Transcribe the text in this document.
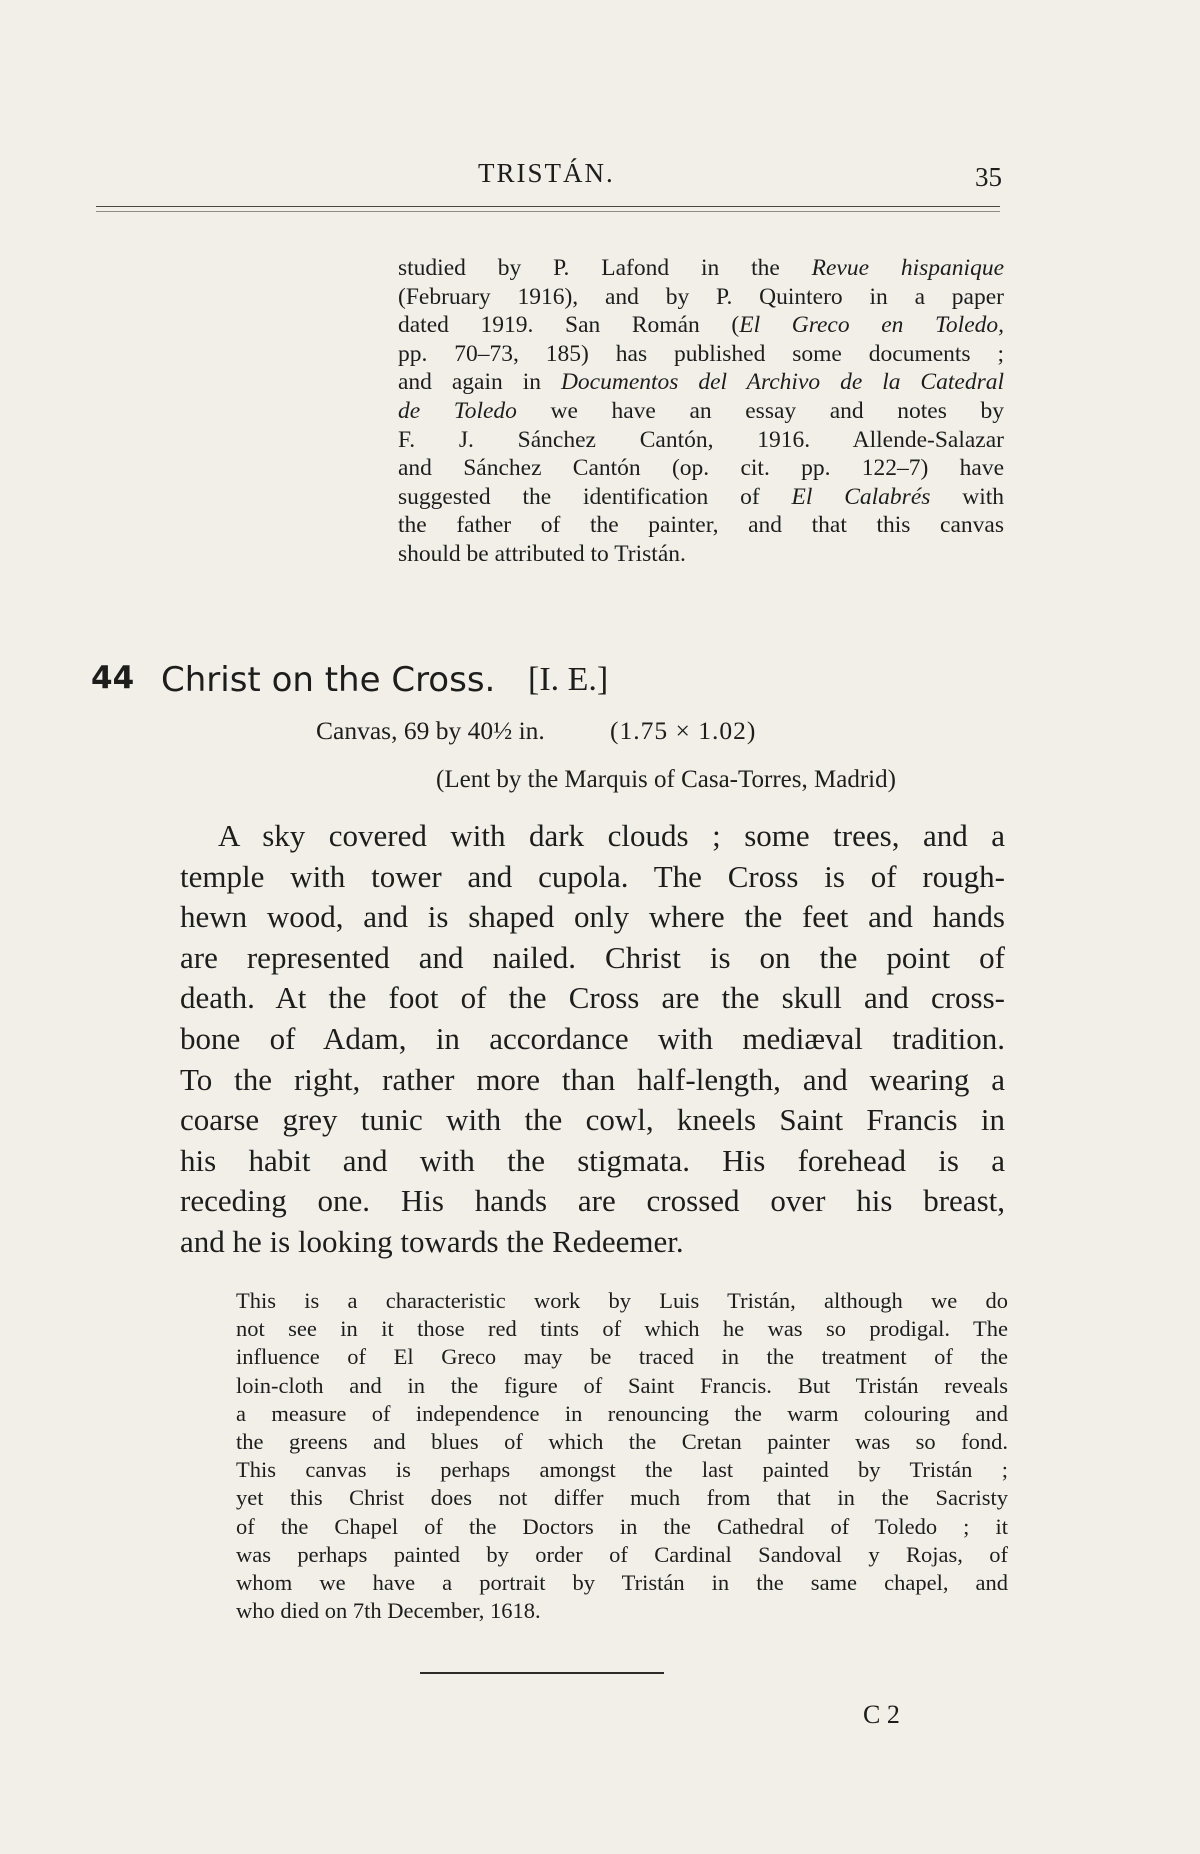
TRISTÁN.	35

studied by P. Lafond in the Revue hispanique
(February 1916), and by P. Quintero in a paper
dated 1919. San Román (El Greco en Toledo,
pp. 70–73, 185) has published some documents ;
and again in Documentos del Archivo de la Catedral
de Toledo we have an essay and notes by
F. J. Sánchez Cantón, 1916. Allende-Salazar
and Sánchez Cantón (op. cit. pp. 122–7) have
suggested the identification of El Calabrés with
the father of the painter, and that this canvas
should be attributed to Tristán.

44 Christ on the Cross. [I. E.]
Canvas, 69 by 40½ in.	(1.75 × 1.02)
(Lent by the Marquis of Casa-Torres, Madrid)

A sky covered with dark clouds ; some trees, and a
temple with tower and cupola. The Cross is of rough-
hewn wood, and is shaped only where the feet and hands
are represented and nailed. Christ is on the point of
death. At the foot of the Cross are the skull and cross-
bone of Adam, in accordance with mediæval tradition.
To the right, rather more than half-length, and wearing a
coarse grey tunic with the cowl, kneels Saint Francis in
his habit and with the stigmata. His forehead is a
receding one. His hands are crossed over his breast,
and he is looking towards the Redeemer.

This is a characteristic work by Luis Tristán, although we do
not see in it those red tints of which he was so prodigal. The
influence of El Greco may be traced in the treatment of the
loin-cloth and in the figure of Saint Francis. But Tristán reveals
a measure of independence in renouncing the warm colouring and
the greens and blues of which the Cretan painter was so fond.
This canvas is perhaps amongst the last painted by Tristán ;
yet this Christ does not differ much from that in the Sacristy
of the Chapel of the Doctors in the Cathedral of Toledo ; it
was perhaps painted by order of Cardinal Sandoval y Rojas, of
whom we have a portrait by Tristán in the same chapel, and
who died on 7th December, 1618.

C 2
